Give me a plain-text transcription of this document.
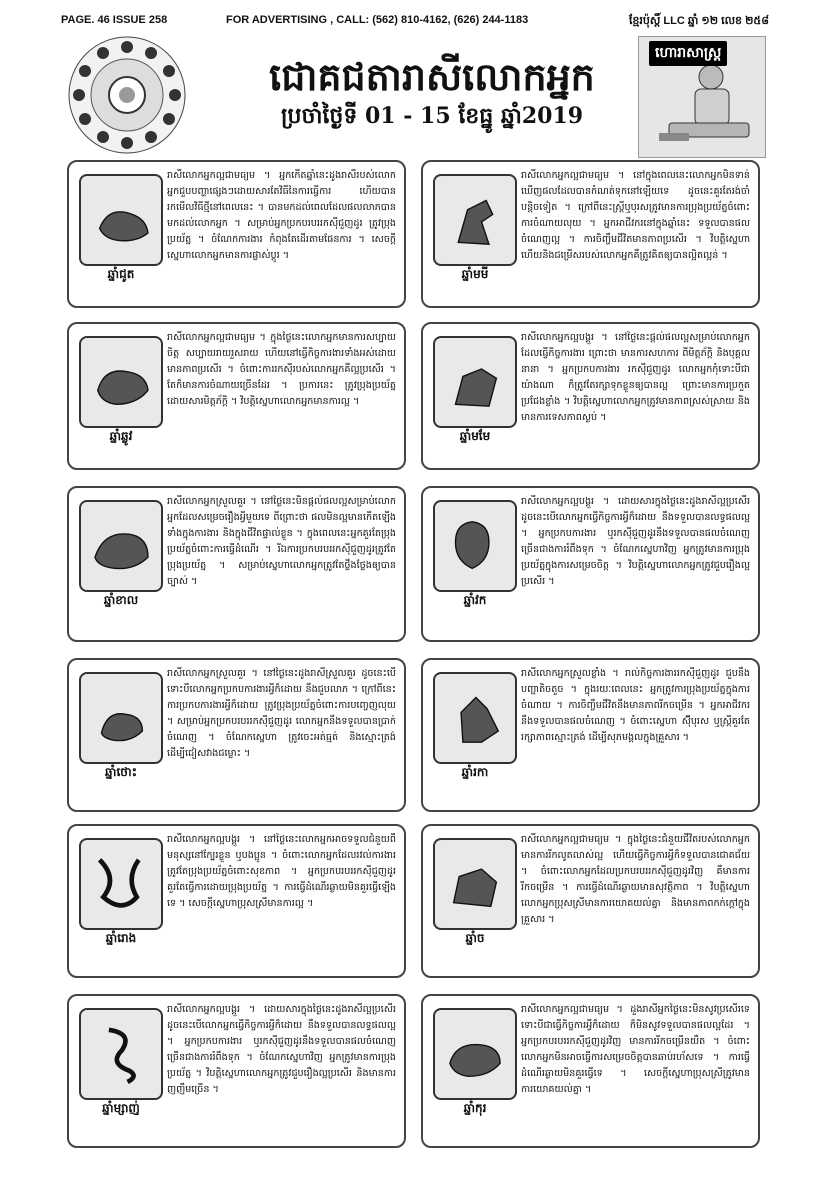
PAGE. 46 ISSUE 258	FOR ADVERTISING , CALL: (562) 810-4162, (626) 244-1183	ខ្មែរប៉ុស្តិ៍ LLC ឆ្នាំ ១២ លេខ ២៥៨
ជោគជតារាសីលោកអ្នក
ប្រចាំថ្ងៃទី 01 - 15 ខែធ្នូ ឆ្នាំ2019
ហោរាសាស្ត្រ
ឆ្នាំជូត
រាសីលោកអ្នកល្អជាមធ្យម ។ អ្នកកើតឆ្នាំនេះដូងរាសីរបស់លោកអ្នកជួបបញ្ហាផ្សេងៗដោយសារតែវិធីនៃការធ្វើការ ហើយបានរកមើលវិធីថ្មីនៅពេលនេះ ។ បានមកដល់ពេលដែលផលលាភបានមកដល់លោកអ្នក ។ សម្រាប់អ្នកប្រកបរបររកស៊ីជួញដូរ ត្រូវប្រុងប្រយ័ត្ន ។ ចំណែកការងារ កំពុងតែដើរតាមផែនការ ។ សេចក្តីស្នេហាលោកអ្នកមានការផ្លាស់ប្តូរ ។
ឆ្នាំមមី
រាសីលោកអ្នកល្អជាមធ្យម ។ នៅក្នុងពេលនេះលោកអ្នកមិនទាន់ឃើញផលដែលបានកំណត់ទុកនៅឡើយទេ ដូចនេះគួរតែរង់ចាំបន្តិចទៀត ។ ក្រៅពីនេះស្រ្តីឬបុរសត្រូវមានការប្រុងប្រយ័ត្នចំពោះការចំណាយលុយ ។ អ្នកអាជីវករនៅក្នុងឆ្នាំនេះ ទទួលបានផលចំណេញល្អ ។ ការចិញ្ចឹមជីវិតមានភាពប្រសើរ ។ វិបត្តិស្នេហា ហើយនិងជម្រើសរបស់លោកអ្នកគឺត្រូវគិតឲ្យបានល្អិតល្អន់ ។
ឆ្នាំឆ្លូវ
រាសីលោកអ្នកល្អជាមធ្យម ។ ក្នុងថ្ងៃនេះលោកអ្នកមានការសប្បាយចិត្ត សប្បាយរាយរួសរាយ ហើយនៅធ្វើកិច្ចការងារទាំងអស់ដោយមានភាពប្រសើរ ។ ចំពោះការរកស៊ីរបស់លោកអ្នកគឺល្អប្រសើរ ។ តែក៏មានការចំណាយច្រើនដែរ ។ ប្រការនេះ ត្រូវប្រុងប្រយ័ត្ន ដោយសារមិត្តភ័ក្តិ ។ វិបត្តិស្នេហាលោកអ្នកមានការល្អ ។
ឆ្នាំមមែ
រាសីលោកអ្នកល្អបង្គួរ ។ នៅថ្ងៃនេះផ្តល់ផលល្អសម្រាប់លោកអ្នកដែលធ្វើកិច្ចការងារ ព្រោះថា មានការសហការ ពីមិត្តភ័ក្តិ និងបុគ្គលនានា ។ អ្នកប្រកបការងារ រកស៊ីជួញដូរ លោកអ្នកកុំទោះបីជាយ៉ាងណា ក៏ត្រូវតែរក្សាទុកខ្លួនឲ្យបានល្អ ព្រោះមានការប្រកួតប្រជែងខ្លាំង ។ វិបត្តិស្នេហាលោកអ្នកត្រូវមានភាពស្រស់ស្រាយ និងមានការទេសភាពស្ងប់ ។
ឆ្នាំខាល
រាសីលោកអ្នកស្រួលគួរ ។ នៅថ្ងៃនេះមិនផ្តល់ផលល្អសម្រាប់លោកអ្នកដែលសម្រេចរឿងអ្វីមួយទេ ពីព្រោះថា ផលមិនល្អមានកើតឡើងទាំងក្នុងការងារ និងក្នុងជីវិតផ្ទាល់ខ្លួន ។ ក្នុងពេលនេះអ្នកគួរតែប្រុងប្រយ័ត្នចំពោះការធ្វើដំណើរ ។ រីឯការប្រកបរបររកស៊ីជួញដូរត្រូវតែប្រុងប្រយ័ត្ន ។ សម្រាប់ស្នេហាលោកអ្នកត្រូវតែថ្លឹងថ្លែងឲ្យបានច្បាស់ ។
ឆ្នាំវក
រាសីលោកអ្នកល្អបង្គួរ ។ ដោយសារក្នុងថ្ងៃនេះដូងរាសីល្អប្រសើរ ដូចនេះបើលោកអ្នកធ្វើកិច្ចការអ្វីក៏ដោយ នឹងទទួលបានលទ្ធផលល្អ ។ អ្នកប្រកបការងារ ឬរកស៊ីជួញដូរនឹងទទួលបានផលចំណេញច្រើនជាងការរំពឹងទុក ។ ចំណែកស្នេហាវិញ អ្នកត្រូវមានការប្រុងប្រយ័ត្នក្នុងការសម្រេចចិត្ត ។ វិបត្តិស្នេហាលោកអ្នកត្រូវជួបរឿងល្អប្រសើរ ។
ឆ្នាំថោះ
រាសីលោកអ្នកស្រួលគួរ ។ នៅថ្ងៃនេះដូងរាសីស្រួលគួរ ដូចនេះបើទោះបីលោកអ្នកប្រកបការងារអ្វីក៏ដោយ នឹងជួបលាភ ។ ក្រៅពីនេះការប្រកបការងារអ្វីក៏ដោយ ត្រូវប្រុងប្រយ័ត្នចំពោះការបញ្ចេញលុយ ។ សម្រាប់អ្នកប្រកបរបររកស៊ីជួញដូរ លោកអ្នកនឹងទទួលបានប្រាក់ចំណេញ ។ ចំណែកស្នេហា ត្រូវចេះអត់ធ្មត់ និងស្មោះត្រង់ ដើម្បីជៀសវាងជម្លោះ ។
ឆ្នាំរកា
រាសីលោកអ្នកស្រួលខ្លាំង ។ រាល់កិច្ចការងាររកស៊ីជួញដូរ ជួបនឹងបញ្ហាតិចតួច ។ ក្នុងរយៈពេលនេះ អ្នកត្រូវការប្រុងប្រយ័ត្នក្នុងការចំណាយ ។ ការចិញ្ចឹមជីវិតនឹងមានភាពរីកចម្រើន ។ អ្នកអាជីវករនឹងទទួលបានផលចំណេញ ។ ចំពោះស្នេហា ស៊ុីបុរស ឬស្រ្តីគួរតែរក្សាភាពស្មោះត្រង់ ដើម្បីសុភមង្គលក្នុងគ្រួសារ ។
ឆ្នាំរោង
រាសីលោកអ្នកល្អបង្គួរ ។ នៅថ្ងៃនេះលោកអ្នកអាចទទួលជំនួយពីមនុស្សនៅក្បែរខ្លួន ឬបងប្អូន ។ ចំពោះលោកអ្នកដែលរវល់ការងារ ត្រូវតែប្រុងប្រយ័ត្នចំពោះសុខភាព ។ អ្នកប្រកបរបររកស៊ីជួញដូរគួរតែធ្វើការដោយប្រុងប្រយ័ត្ន ។ ការធ្វើដំណើរឆ្ងាយមិនគួរធ្វើឡើងទេ ។ សេចក្តីស្នេហាប្រុសស្រីមានការល្អ ។
ឆ្នាំច
រាសីលោកអ្នកល្អជាមធ្យម ។ ក្នុងថ្ងៃនេះជំនួយជីវិតរបស់លោកអ្នកមានការរីកលូតលាស់ល្អ ហើយធ្វើកិច្ចការអ្វីក៏ទទួលបានជោគជ័យ ។ ចំពោះលោកអ្នកដែលប្រកបរបររកស៊ីជួញដូរវិញ គឺមានការរីកចម្រើន ។ ការធ្វើដំណើរឆ្ងាយមានសុវត្ថិភាព ។ វិបត្តិស្នេហាលោកអ្នកប្រុសស្រីមានការយោគយល់គ្នា និងមានភាពកក់ក្តៅក្នុងគ្រួសារ ។
ឆ្នាំម្សាញ់
រាសីលោកអ្នកល្អបង្គួរ ។ ដោយសារក្នុងថ្ងៃនេះដូងរាសីល្អប្រសើរ ដូចនេះបើលោកអ្នកធ្វើកិច្ចការអ្វីក៏ដោយ នឹងទទួលបានលទ្ធផលល្អ ។ អ្នកប្រកបការងារ ឬរកស៊ីជួញដូរនឹងទទួលបានផលចំណេញច្រើនជាងការរំពឹងទុក ។ ចំណែកស្នេហាវិញ អ្នកត្រូវមានការប្រុងប្រយ័ត្ន ។ វិបត្តិស្នេហាលោកអ្នកត្រូវជួបរឿងល្អប្រសើរ និងមានការញញឹមច្រើន ។
ឆ្នាំកុរ
រាសីលោកអ្នកល្អជាមធ្យម ។ ដួងរាសីអ្នកថ្ងៃនេះមិនសូវប្រសើរទេ ទោះបីជាធ្វើកិច្ចការអ្វីក៏ដោយ ក៏មិនសូវទទួលបានផលល្អដែរ ។ អ្នកប្រកបរបររកស៊ីជួញដូរវិញ មានការរីកចម្រើនយឺត ។ ចំពោះលោកអ្នកមិនអាចធ្វើការសម្រេចចិត្តបានឆាប់រហ័សទេ ។ ការធ្វើដំណើរឆ្ងាយមិនគួរធ្វើទេ ។ សេចក្តីស្នេហាប្រុសស្រីត្រូវមានការយោគយល់គ្នា ។
